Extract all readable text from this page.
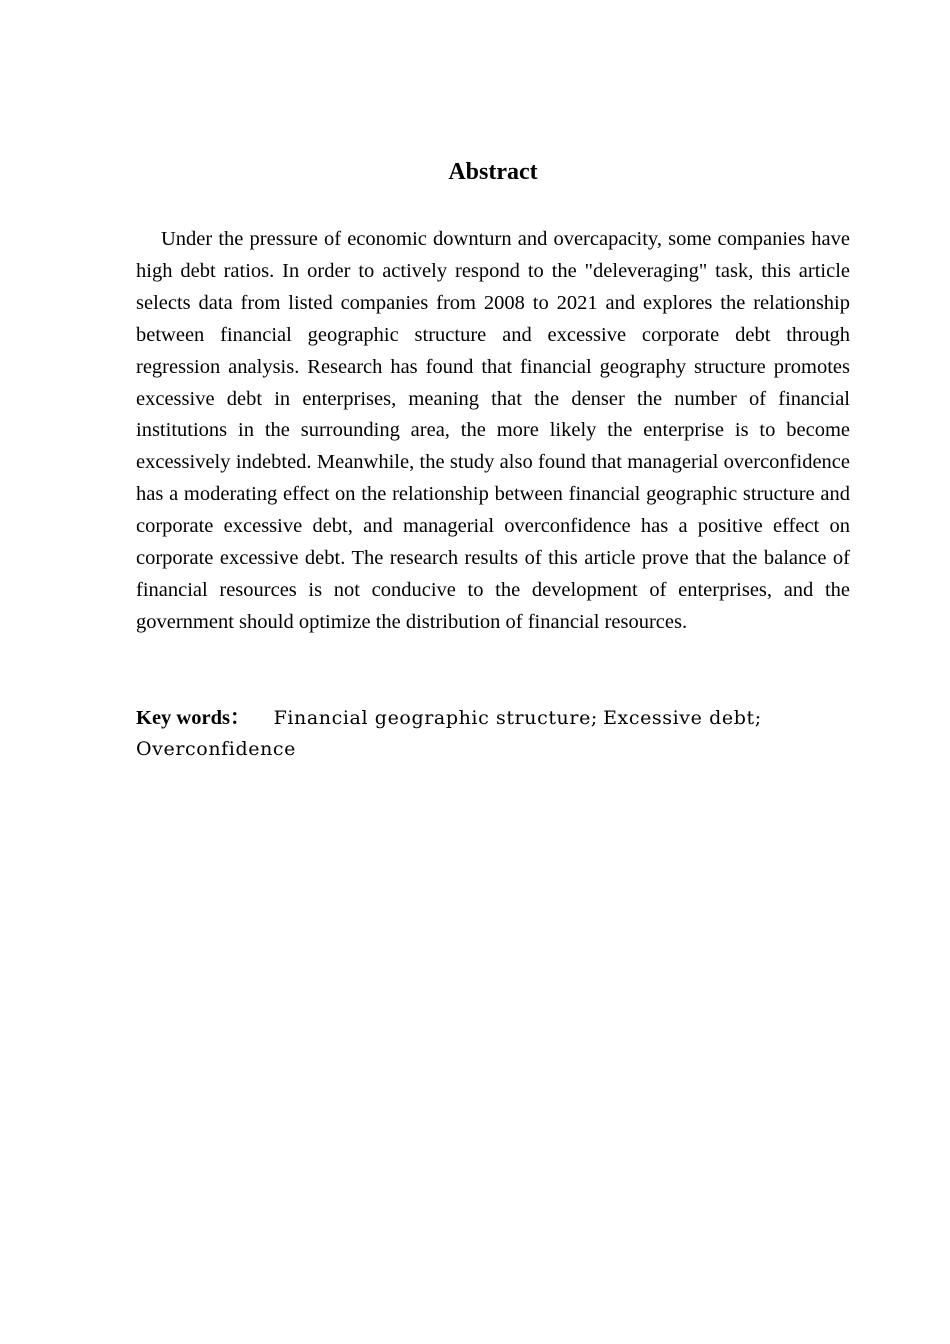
Abstract

Under the pressure of economic downturn and overcapacity, some companies have high debt ratios. In order to actively respond to the "deleveraging" task, this article selects data from listed companies from 2008 to 2021 and explores the relationship between financial geographic structure and excessive corporate debt through regression analysis. Research has found that financial geography structure promotes excessive debt in enterprises, meaning that the denser the number of financial institutions in the surrounding area, the more likely the enterprise is to become excessively indebted. Meanwhile, the study also found that managerial overconfidence has a moderating effect on the relationship between financial geographic structure and corporate excessive debt, and managerial overconfidence has a positive effect on corporate excessive debt. The research results of this article prove that the balance of financial resources is not conducive to the development of enterprises, and the government should optimize the distribution of financial resources.

Key words： Financial geographic structure; Excessive debt; Overconfidence
